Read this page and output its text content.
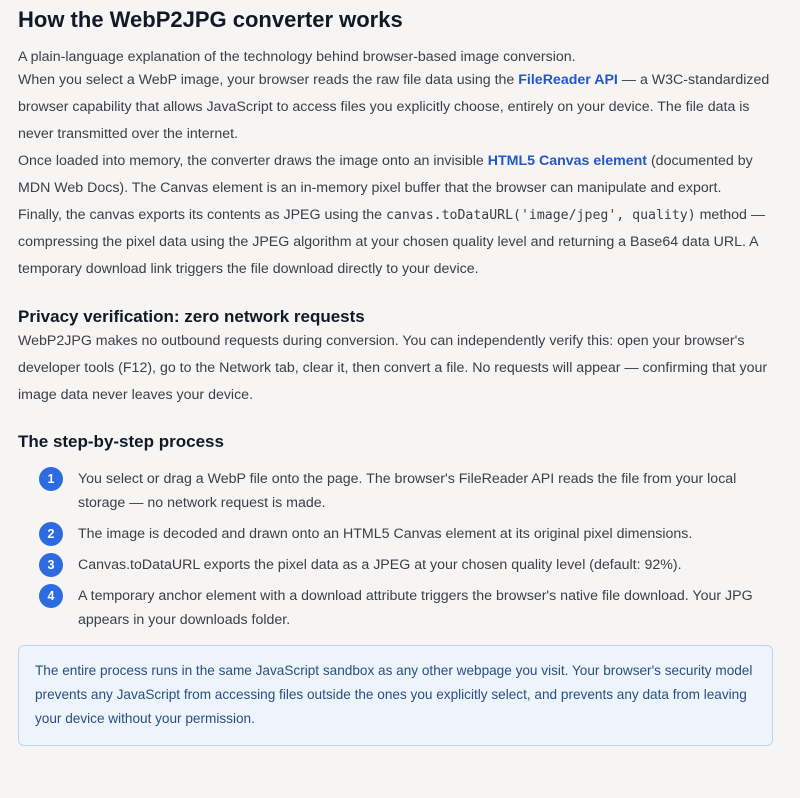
How the WebP2JPG converter works

A plain-language explanation of the technology behind browser-based image conversion.

When you select a WebP image, your browser reads the raw file data using the FileReader API — a W3C-standardized browser capability that allows JavaScript to access files you explicitly choose, entirely on your device. The file data is never transmitted over the internet.

Once loaded into memory, the converter draws the image onto an invisible HTML5 Canvas element (documented by MDN Web Docs). The Canvas element is an in-memory pixel buffer that the browser can manipulate and export.

Finally, the canvas exports its contents as JPEG using the canvas.toDataURL('image/jpeg', quality) method — compressing the pixel data using the JPEG algorithm at your chosen quality level and returning a Base64 data URL. A temporary download link triggers the file download directly to your device.

Privacy verification: zero network requests

WebP2JPG makes no outbound requests during conversion. You can independently verify this: open your browser's developer tools (F12), go to the Network tab, clear it, then convert a file. No requests will appear — confirming that your image data never leaves your device.

The step-by-step process
1	You select or drag a WebP file onto the page. The browser's FileReader API reads the file from your local storage — no network request is made.
2	The image is decoded and drawn onto an HTML5 Canvas element at its original pixel dimensions.
3	Canvas.toDataURL exports the pixel data as a JPEG at your chosen quality level (default: 92%).
4	A temporary anchor element with a download attribute triggers the browser's native file download. Your JPG appears in your downloads folder.
The entire process runs in the same JavaScript sandbox as any other webpage you visit. Your browser's security model prevents any JavaScript from accessing files outside the ones you explicitly select, and prevents any data from leaving your device without your permission.
